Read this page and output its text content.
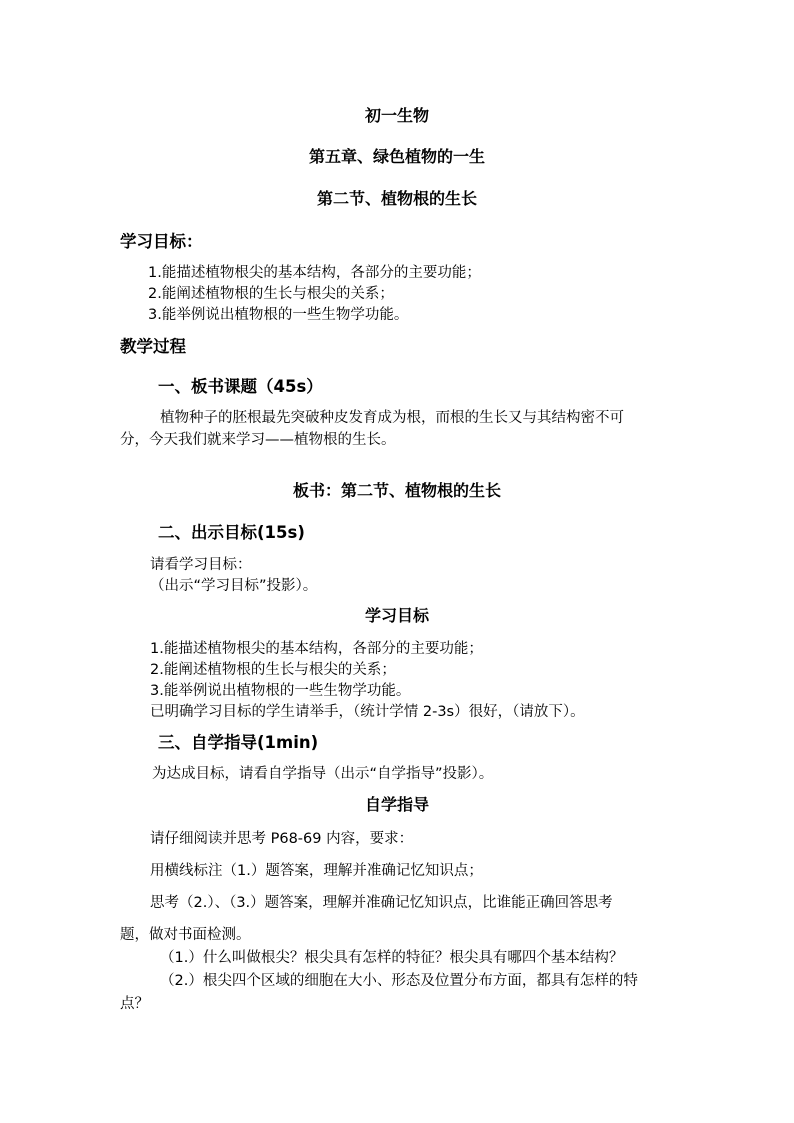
初一生物
第五章、绿色植物的一生
第二节、植物根的生长
学习目标：
1.能描述植物根尖的基本结构，各部分的主要功能；
2.能阐述植物根的生长与根尖的关系；
3.能举例说出植物根的一些生物学功能。
教学过程
一、板书课题（45s）
植物种子的胚根最先突破种皮发育成为根，而根的生长又与其结构密不可
分，今天我们就来学习——植物根的生长。
板书：第二节、植物根的生长
二、出示目标(15s)
请看学习目标：
（出示“学习目标”投影）。
学习目标
1.能描述植物根尖的基本结构，各部分的主要功能；
2.能阐述植物根的生长与根尖的关系；
3.能举例说出植物根的一些生物学功能。
已明确学习目标的学生请举手，（统计学情 2-3s）很好，（请放下）。
三、自学指导(1min)
为达成目标，请看自学指导（出示“自学指导”投影）。
自学指导
请仔细阅读并思考 P68-69 内容，要求：
用横线标注（1.）题答案，理解并准确记忆知识点；
思考（2.）、（3.）题答案，理解并准确记忆知识点，比谁能正确回答思考
题，做对书面检测。
（1.）什么叫做根尖？根尖具有怎样的特征？根尖具有哪四个基本结构？
（2.）根尖四个区域的细胞在大小、形态及位置分布方面，都具有怎样的特
点？
